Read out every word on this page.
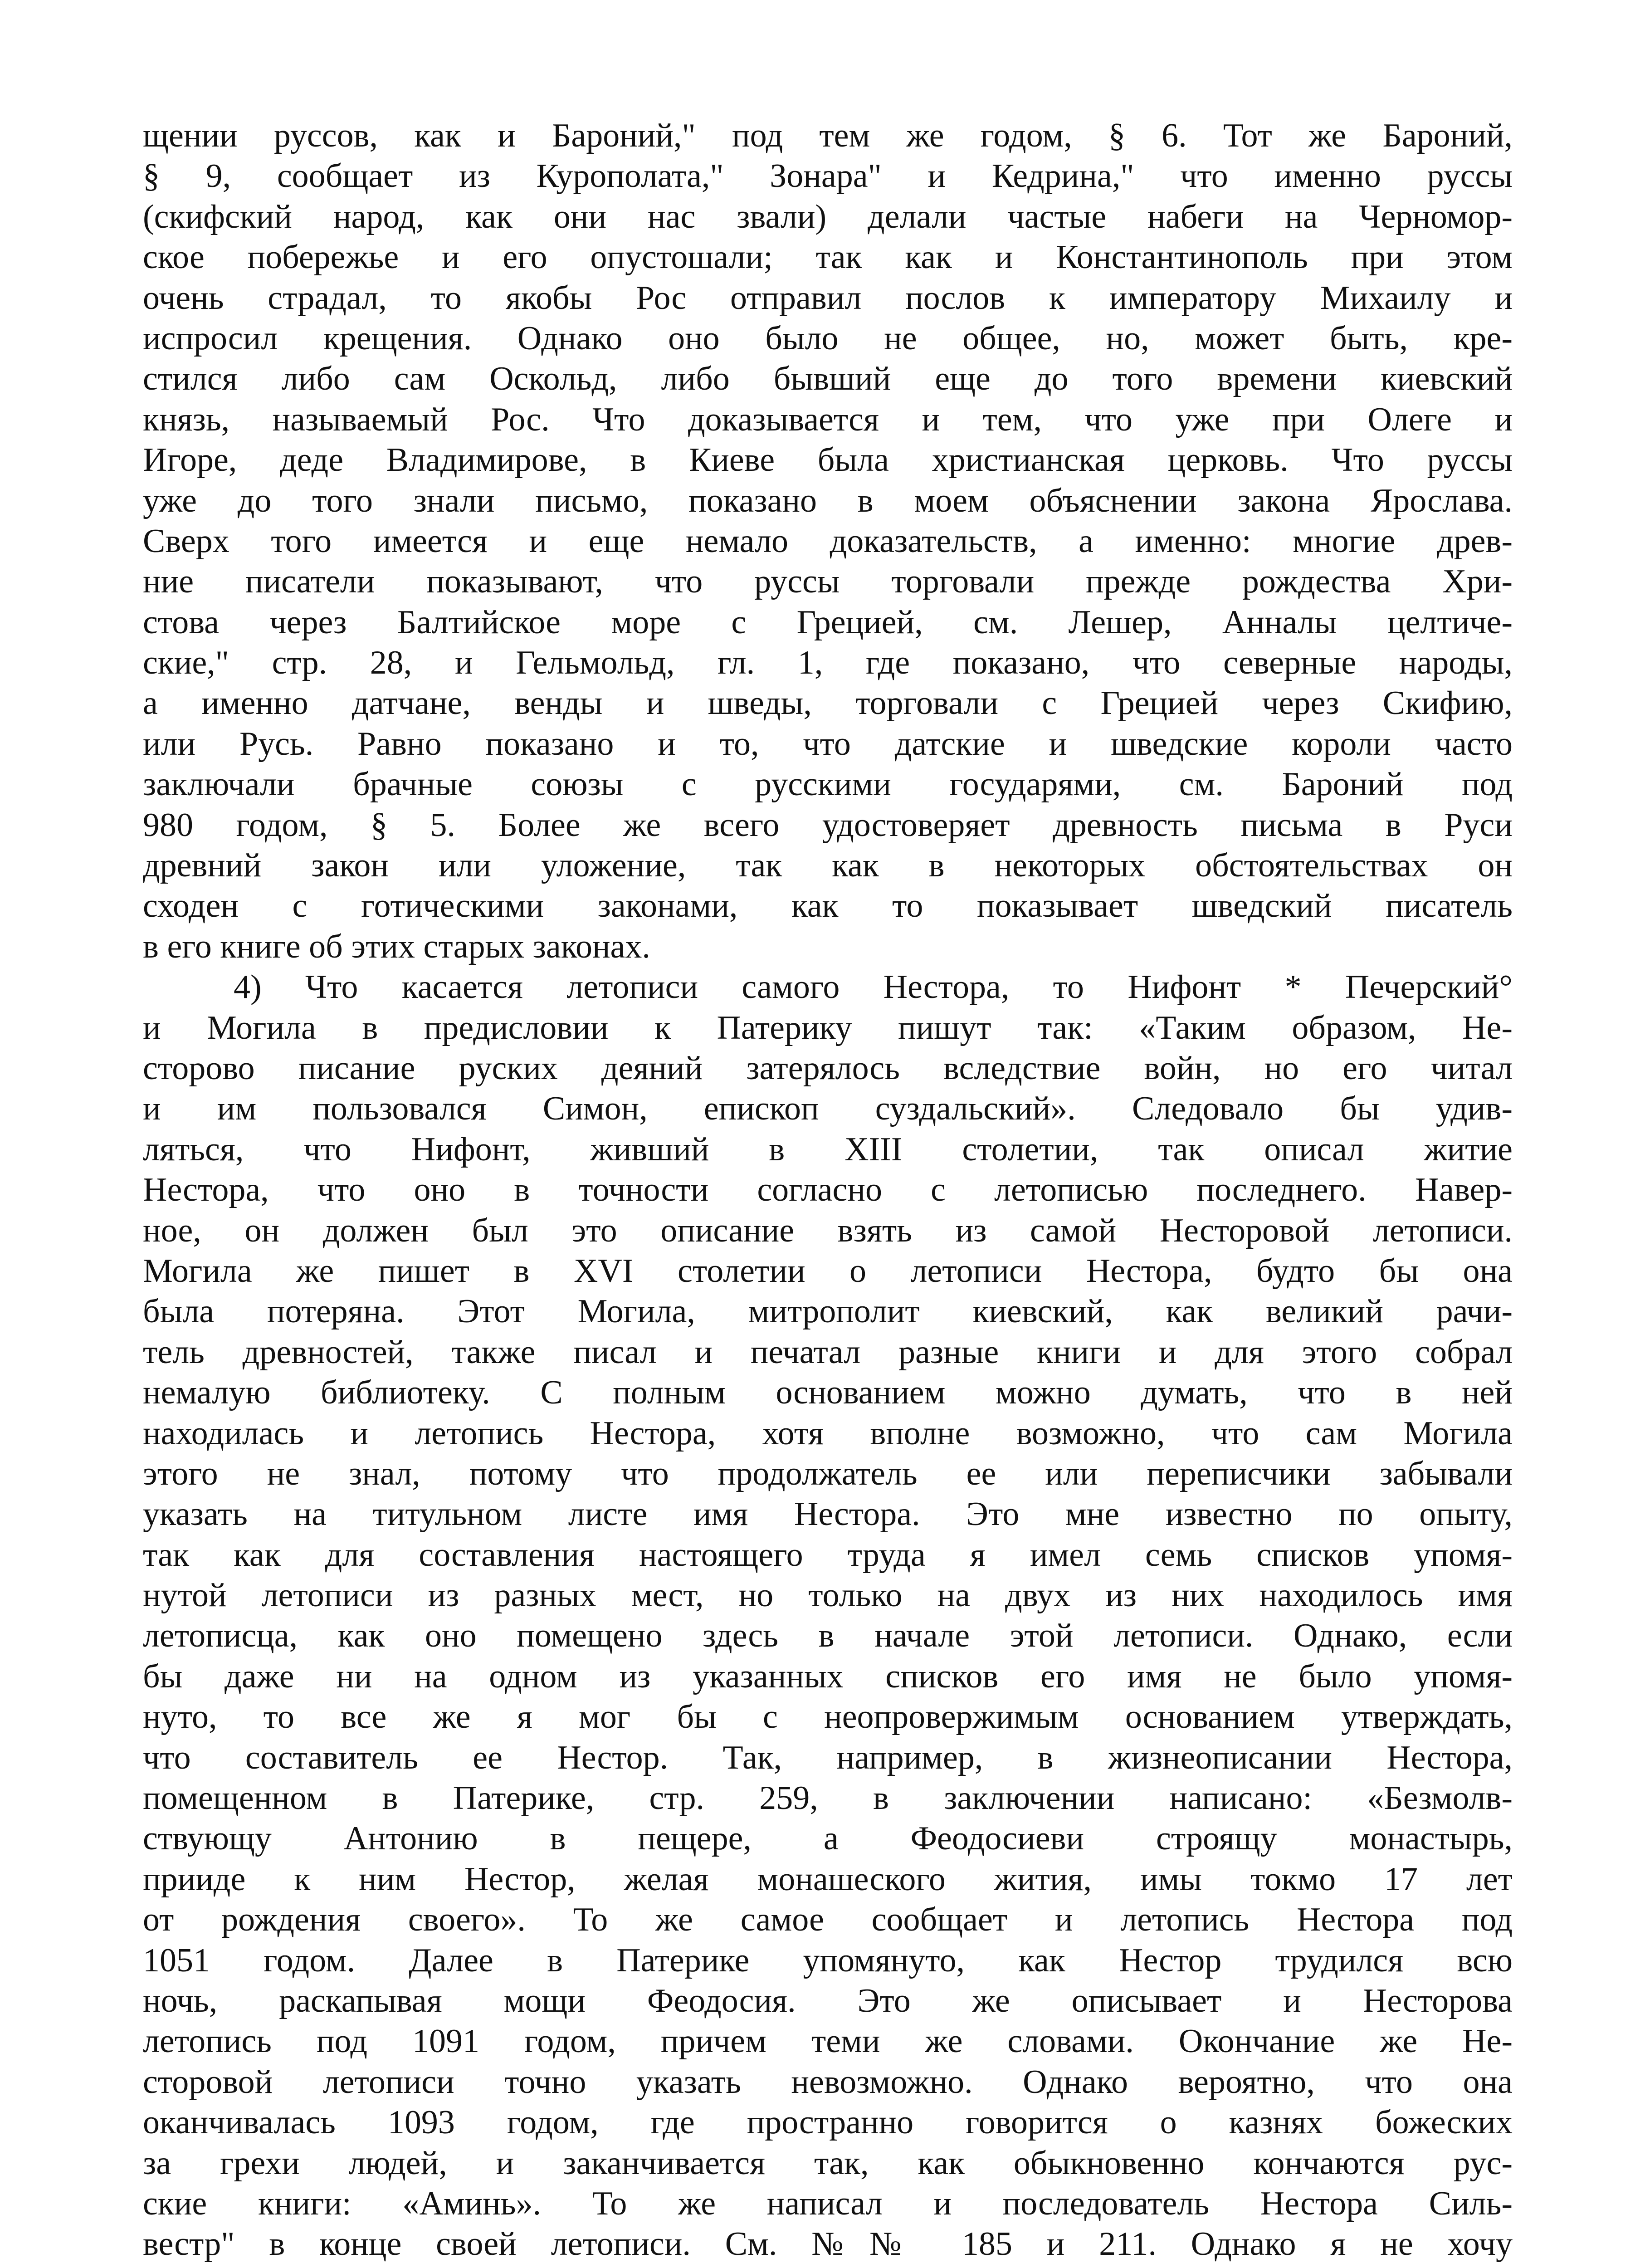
щении руссов, как и Бароний," под тем же годом, § 6. Тот же Бароний,
§ 9, сообщает из Курополата," Зонара" и Кедрина," что именно руссы
(скифский народ, как они нас звали) делали частые набеги на Черномор-
ское побережье и его опустошали; так как и Константинополь при этом
очень страдал, то якобы Рос отправил послов к императору Михаилу и
испросил крещения. Однако оно было не общее, но, может быть, кре-
стился либо сам Оскольд, либо бывший еще до того времени киевский
князь, называемый Рос. Что доказывается и тем, что уже при Олеге и
Игоре, деде Владимирове, в Киеве была христианская церковь. Что руссы
уже до того знали письмо, показано в моем объяснении закона Ярослава.
Сверх того имеется и еще немало доказательств, а именно: многие древ-
ние писатели показывают, что руссы торговали прежде рождества Хри-
стова через Балтийское море с Грецией, см. Лешер, Анналы целтиче-
ские," стр. 28, и Гельмольд, гл. 1, где показано, что северные народы,
а именно датчане, венды и шведы, торговали с Грецией через Скифию,
или Русь. Равно показано и то, что датские и шведские короли часто
заключали брачные союзы с русскими государями, см. Бароний под
980 годом, § 5. Более же всего удостоверяет древность письма в Руси
древний закон или уложение, так как в некоторых обстоятельствах он
сходен с готическими законами, как то показывает шведский писатель
в его книге об этих старых законах.
4) Что касается летописи самого Нестора, то Нифонт * Печерский°
и Могила в предисловии к Патерику пишут так: «Таким образом, Не-
сторово писание руских деяний затерялось вследствие войн, но его читал
и им пользовался Симон, епископ суздальский». Следовало бы удив-
ляться, что Нифонт, живший в XIII столетии, так описал житие
Нестора, что оно в точности согласно с летописью последнего. Навер-
ное, он должен был это описание взять из самой Несторовой летописи.
Могила же пишет в XVI столетии о летописи Нестора, будто бы она
была потеряна. Этот Могила, митрополит киевский, как великий рачи-
тель древностей, также писал и печатал разные книги и для этого собрал
немалую библиотеку. С полным основанием можно думать, что в ней
находилась и летопись Нестора, хотя вполне возможно, что сам Могила
этого не знал, потому что продолжатель ее или переписчики забывали
указать на титульном листе имя Нестора. Это мне известно по опыту,
так как для составления настоящего труда я имел семь списков упомя-
нутой летописи из разных мест, но только на двух из них находилось имя
летописца, как оно помещено здесь в начале этой летописи. Однако, если
бы даже ни на одном из указанных списков его имя не было упомя-
нуто, то все же я мог бы с неопровержимым основанием утверждать,
что составитель ее Нестор. Так, например, в жизнеописании Нестора,
помещенном в Патерике, стр. 259, в заключении написано: «Безмолв-
ствующу Антонию в пещере, а Феодосиеви строящу монастырь,
прииде к ним Нестор, желая монашеского жития, имы токмо 17 лет
от рождения своего». То же самое сообщает и летопись Нестора под
1051 годом. Далее в Патерике упомянуто, как Нестор трудился всю
ночь, раскапывая мощи Феодосия. Это же описывает и Несторова
летопись под 1091 годом, причем теми же словами. Окончание же Не-
сторовой летописи точно указать невозможно. Однако вероятно, что она
оканчивалась 1093 годом, где пространно говорится о казнях божеских
за грехи людей, и заканчивается так, как обыкновенно кончаются рус-
ские книги: «Аминь». То же написал и последователь Нестора Силь-
вестр" в конце своей летописи. См. №№ 185 и 211. Однако я не хочу
